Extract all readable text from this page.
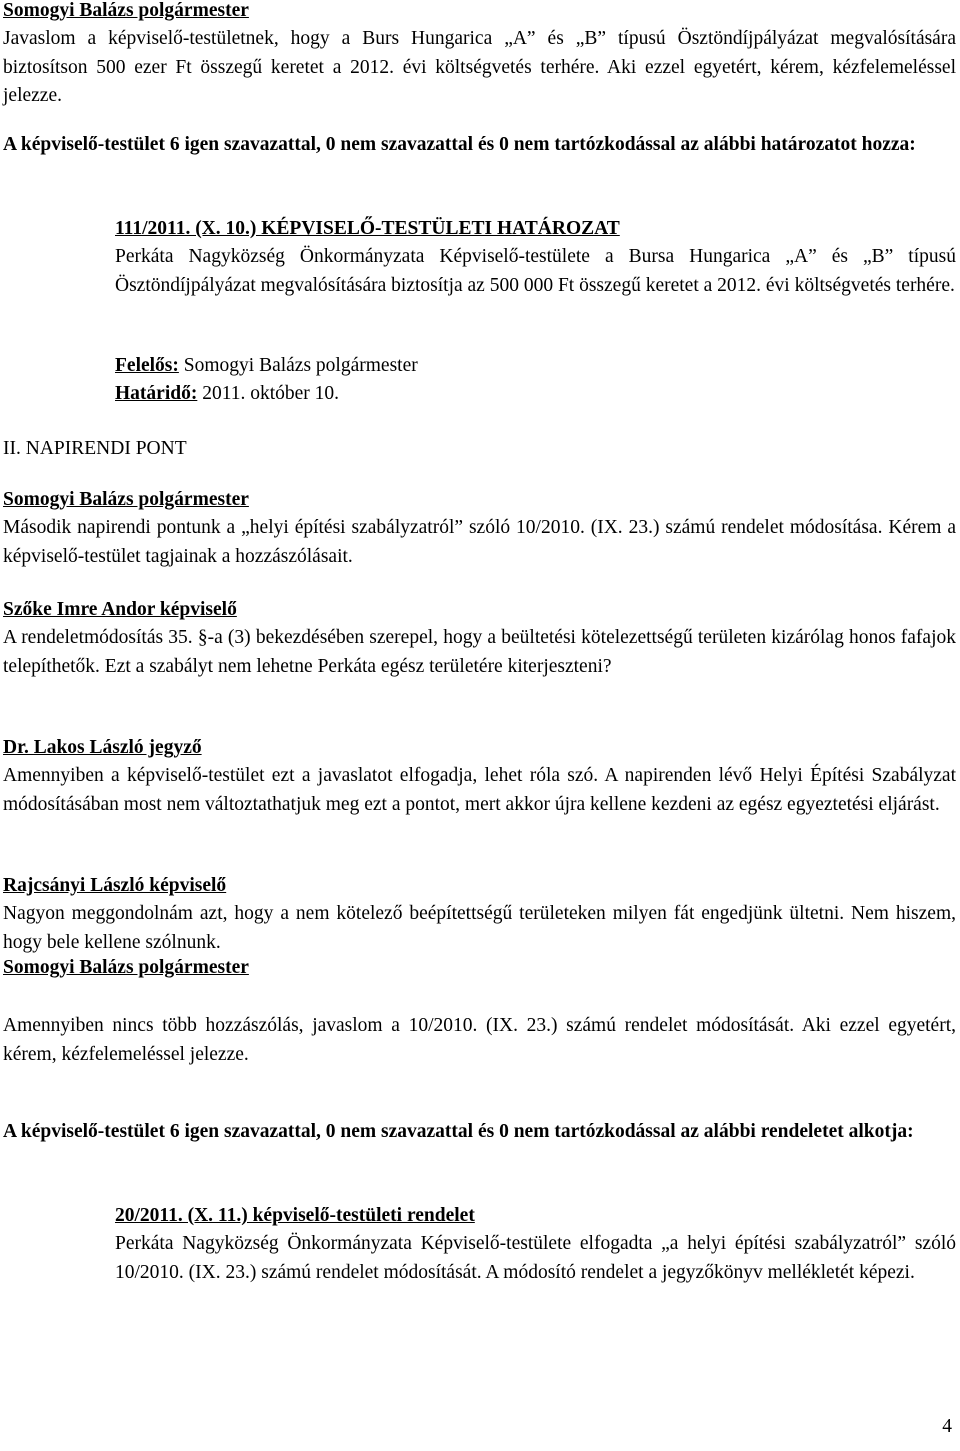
Somogyi Balázs polgármester
Javaslom a képviselő-testületnek, hogy a Burs Hungarica „A” és „B” típusú Ösztöndíjpályázat megvalósítására biztosítson 500 ezer Ft összegű keretet a 2012. évi költségvetés terhére. Aki ezzel egyetért, kérem, kézfelemeléssel jelezze.
A képviselő-testület 6 igen szavazattal, 0 nem szavazattal és 0 nem tartózkodással az alábbi határozatot hozza:
111/2011. (X. 10.) KÉPVISELŐ-TESTÜLETI HATÁROZAT
Perkáta Nagyközség Önkormányzata Képviselő-testülete a Bursa Hungarica „A” és „B” típusú Ösztöndíjpályázat megvalósítására biztosítja az 500 000 Ft összegű keretet a 2012. évi költségvetés terhére.
Felelős: Somogyi Balázs polgármester
Határidő: 2011. október 10.
II. NAPIRENDI PONT
Somogyi Balázs polgármester
Második napirendi pontunk a „helyi építési szabályzatról” szóló 10/2010. (IX. 23.) számú rendelet módosítása. Kérem a képviselő-testület tagjainak a hozzászólásait.
Szőke Imre Andor képviselő
A rendeletmódosítás 35. §-a (3) bekezdésében szerepel, hogy a beültetési kötelezettségű területen kizárólag honos fafajok telepíthetők. Ezt a szabályt nem lehetne Perkáta egész területére kiterjeszteni?
Dr. Lakos László jegyző
Amennyiben a képviselő-testület ezt a javaslatot elfogadja, lehet róla szó. A napirenden lévő Helyi Építési Szabályzat módosításában most nem változtathatjuk meg ezt a pontot, mert akkor újra kellene kezdeni az egész egyeztetési eljárást.
Rajcsányi László képviselő
Nagyon meggondolnám azt, hogy a nem kötelező beépítettségű területeken milyen fát engedjünk ültetni. Nem hiszem, hogy bele kellene szólnunk.
Somogyi Balázs polgármester
Amennyiben nincs több hozzászólás, javaslom a 10/2010. (IX. 23.) számú rendelet módosítását. Aki ezzel egyetért, kérem, kézfelemeléssel jelezze.
A képviselő-testület 6 igen szavazattal, 0 nem szavazattal és 0 nem tartózkodással az alábbi rendeletet alkotja:
20/2011. (X. 11.) képviselő-testületi rendelet
Perkáta Nagyközség Önkormányzata Képviselő-testülete elfogadta „a helyi építési szabályzatról” szóló 10/2010. (IX. 23.) számú rendelet módosítását. A módosító rendelet a jegyzőkönyv mellékletét képezi.
4
